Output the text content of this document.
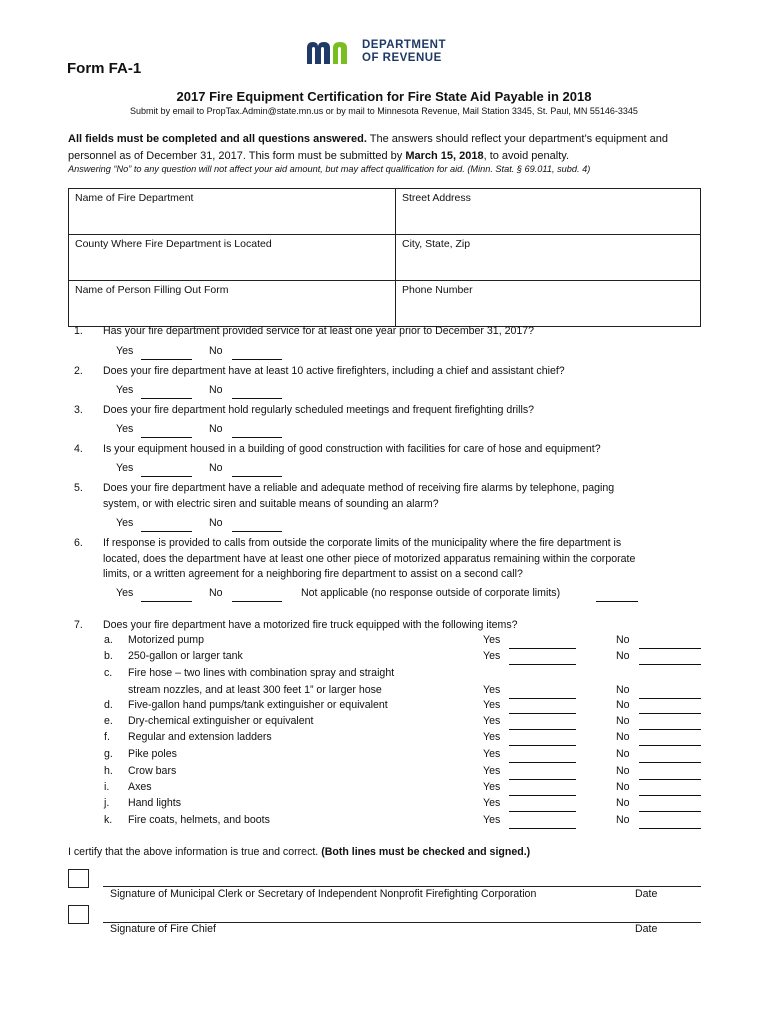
Form FA-1
DEPARTMENT
OF REVENUE
2017 Fire Equipment Certification for Fire State Aid Payable in 2018
Submit by email to PropTax.Admin@state.mn.us or by mail to Minnesota Revenue, Mail Station 3345, St. Paul, MN 55146-3345
All fields must be completed and all questions answered. The answers should reflect your department’s equipment and personnel as of December 31, 2017. This form must be submitted by March 15, 2018, to avoid penalty.
Answering “No” to any question will not affect your aid amount, but may affect qualification for aid. (Minn. Stat. § 69.011, subd. 4)
Name of Fire Department	Street Address
County Where Fire Department is Located	City, State, Zip
Name of Person Filling Out Form	Phone Number
1. Has your fire department provided service for at least one year prior to December 31, 2017?
Yes	No
2. Does your fire department have at least 10 active firefighters, including a chief and assistant chief?
Yes	No
3. Does your fire department hold regularly scheduled meetings and frequent firefighting drills?
Yes	No
4. Is your equipment housed in a building of good construction with facilities for care of hose and equipment?
Yes	No
5. Does your fire department have a reliable and adequate method of receiving fire alarms by telephone, paging
system, or with electric siren and suitable means of sounding an alarm?
Yes	No
6. If response is provided to calls from outside the corporate limits of the municipality where the fire department is
located, does the department have at least one other piece of motorized apparatus remaining within the corporate
limits, or a written agreement for a neighboring fire department to assist on a second call?
Yes	No	Not applicable (no response outside of corporate limits)
7. Does your fire department have a motorized fire truck equipped with the following items?
a. Motorized pump	Yes	No
b. 250-gallon or larger tank	Yes	No
c. Fire hose – two lines with combination spray and straight
stream nozzles, and at least 300 feet 1” or larger hose	Yes	No
d. Five-gallon hand pumps/tank extinguisher or equivalent	Yes	No
e. Dry-chemical extinguisher or equivalent	Yes	No
f. Regular and extension ladders	Yes	No
g. Pike poles	Yes	No
h. Crow bars	Yes	No
i. Axes	Yes	No
j. Hand lights	Yes	No
k. Fire coats, helmets, and boots	Yes	No
I certify that the above information is true and correct. (Both lines must be checked and signed.)
Signature of Municipal Clerk or Secretary of Independent Nonprofit Firefighting Corporation	Date
Signature of Fire Chief	Date
